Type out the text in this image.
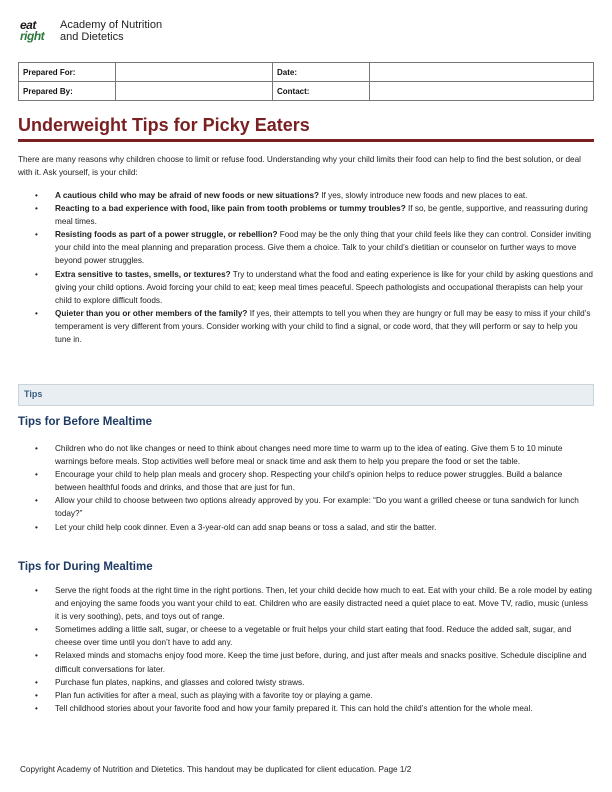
eat
right
Academy of Nutrition
and Dietetics
Prepared For:		Date:	
Prepared By:		Contact:	
Underweight Tips for Picky Eaters

There are many reasons why children choose to limit or refuse food. Understanding why your child limits their food can help to find the best solution, or deal with it. Ask yourself, is your child:

• A cautious child who may be afraid of new foods or new situations? If yes, slowly introduce new foods and new places to eat.
• Reacting to a bad experience with food, like pain from tooth problems or tummy troubles? If so, be gentle, supportive, and reassuring during meal times.
• Resisting foods as part of a power struggle, or rebellion? Food may be the only thing that your child feels like they can control. Consider inviting your child into the meal planning and preparation process. Give them a choice. Talk to your child’s dietitian or counselor on further ways to move beyond power struggles.
• Extra sensitive to tastes, smells, or textures? Try to understand what the food and eating experience is like for your child by asking questions and giving your child options. Avoid forcing your child to eat; keep meal times peaceful. Speech pathologists and occupational therapists can help your child to explore difficult foods.
• Quieter than you or other members of the family? If yes, their attempts to tell you when they are hungry or full may be easy to miss if your child’s temperament is very different from yours. Consider working with your child to find a signal, or code word, that they will perform or say to help you tune in.
Tips
Tips for Before Mealtime
• Children who do not like changes or need to think about changes need more time to warm up to the idea of eating. Give them 5 to 10 minute warnings before meals. Stop activities well before meal or snack time and ask them to help you prepare the food or set the table.
• Encourage your child to help plan meals and grocery shop. Respecting your child’s opinion helps to reduce power struggles. Build a balance between healthful foods and drinks, and those that are just for fun.
• Allow your child to choose between two options already approved by you. For example: “Do you want a grilled cheese or tuna sandwich for lunch today?”
• Let your child help cook dinner. Even a 3-year-old can add snap beans or toss a salad, and stir the batter.
Tips for During Mealtime
• Serve the right foods at the right time in the right portions. Then, let your child decide how much to eat. Eat with your child. Be a role model by eating and enjoying the same foods you want your child to eat. Children who are easily distracted need a quiet place to eat. Move TV, radio, music (unless it is very soothing), pets, and toys out of range.
• Sometimes adding a little salt, sugar, or cheese to a vegetable or fruit helps your child start eating that food. Reduce the added salt, sugar, and cheese over time until you don’t have to add any.
• Relaxed minds and stomachs enjoy food more. Keep the time just before, during, and just after meals and snacks positive. Schedule discipline and difficult conversations for later.
• Purchase fun plates, napkins, and glasses and colored twisty straws.
• Plan fun activities for after a meal, such as playing with a favorite toy or playing a game.
• Tell childhood stories about your favorite food and how your family prepared it. This can hold the child’s attention for the whole meal.
Copyright Academy of Nutrition and Dietetics. This handout may be duplicated for client education. Page 1/2
